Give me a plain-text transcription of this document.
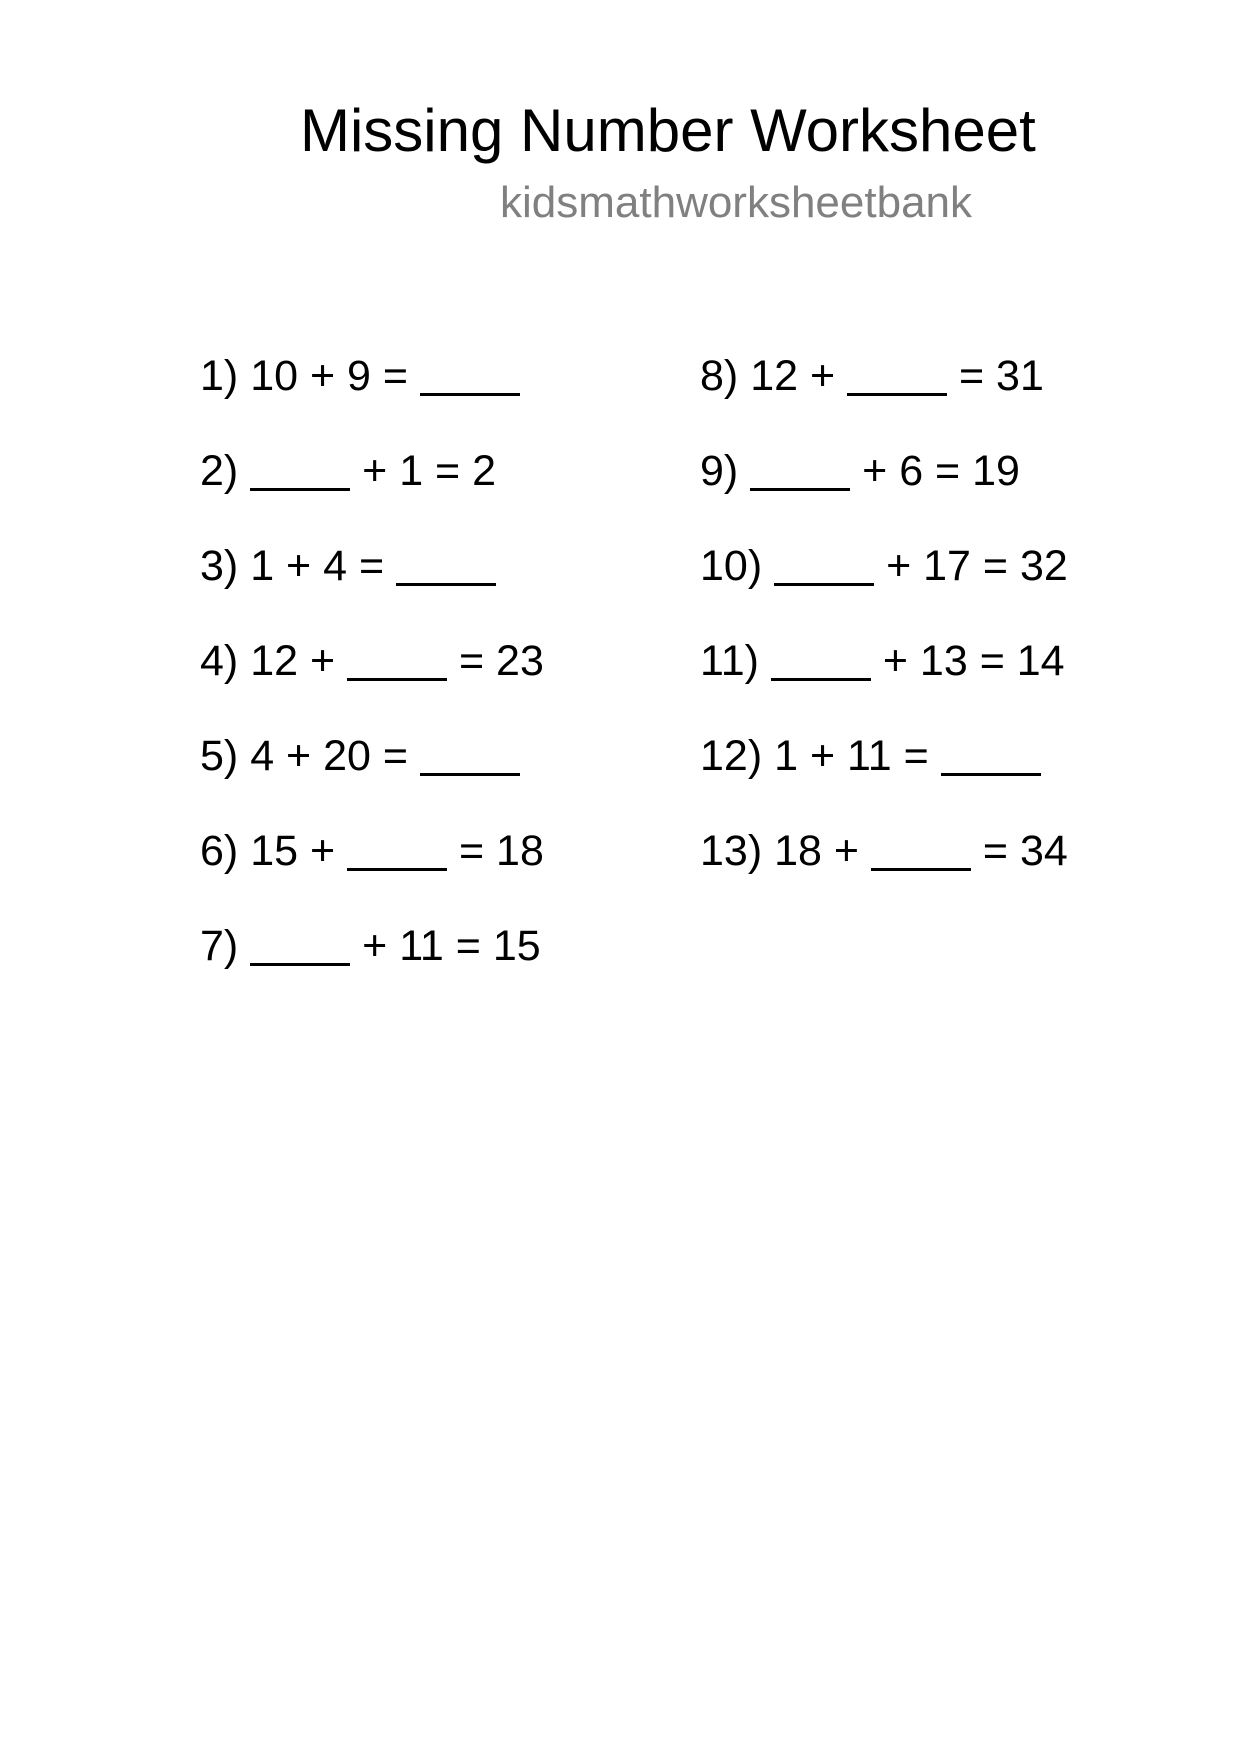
Missing Number Worksheet
kidsmathworksheetbank
1) 10 + 9 =
2)	+ 1 = 2
3) 1 + 4 =
4) 12 +	= 23
5) 4 + 20 =
6) 15 +	= 18
7)	+ 11 = 15
8) 12 +	= 31
9)	+ 6 = 19
10)	+ 17 = 32
11)	+ 13 = 14
12) 1 + 11 =
13) 18 +	= 34
